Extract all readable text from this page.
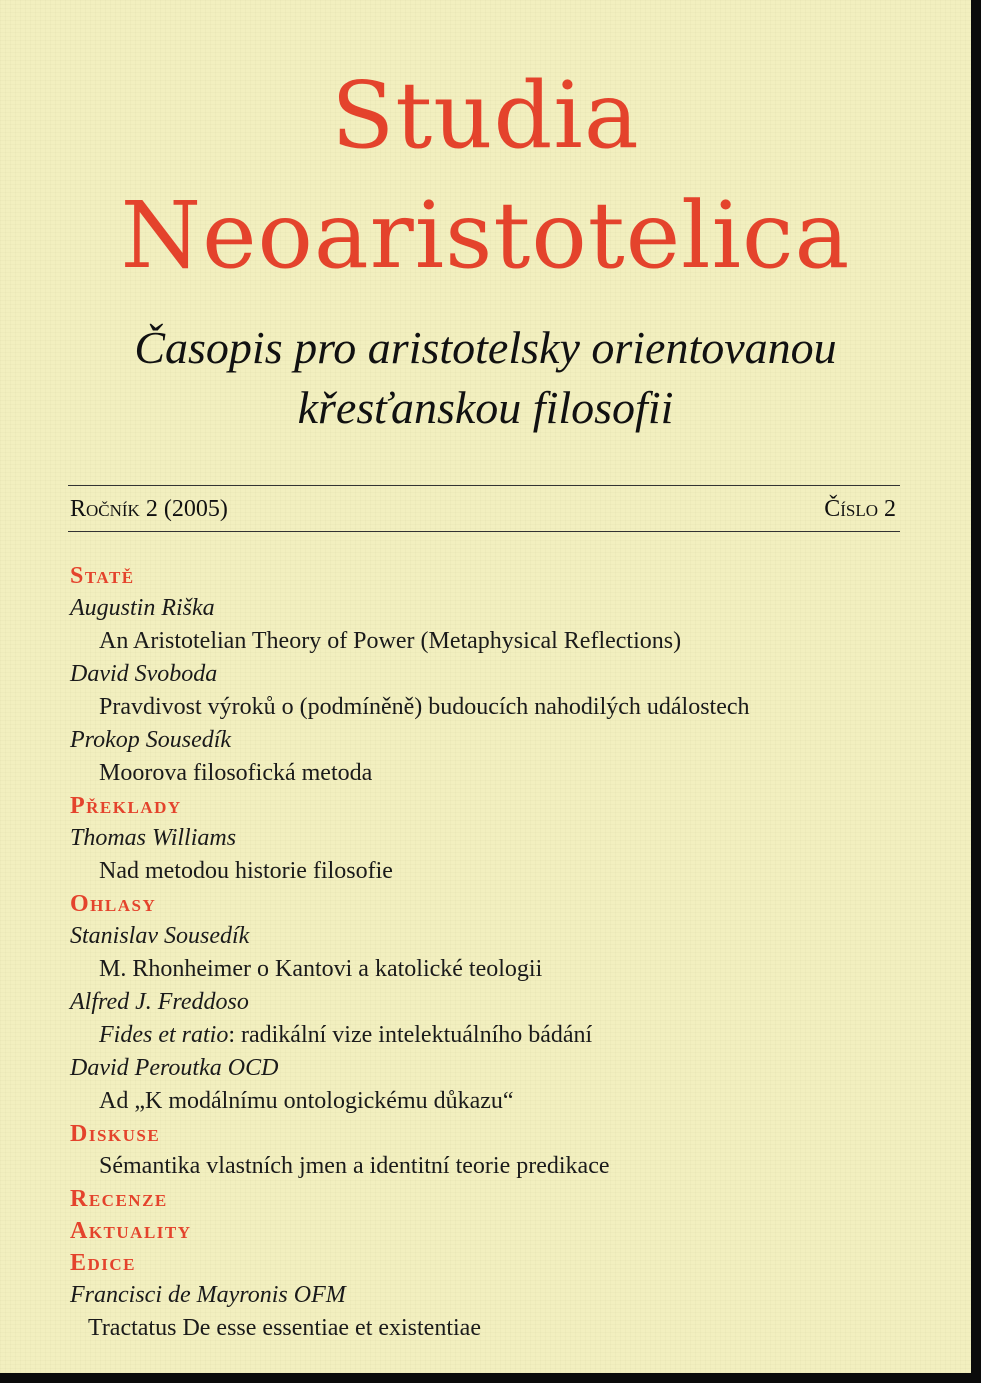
Studia
Neoaristotelica
Časopis pro aristotelsky orientovanou
křesťanskou filosofii
Ročník 2 (2005)	Číslo 2
Statě
Augustin Riška
An Aristotelian Theory of Power (Metaphysical Reflections)
David Svoboda
Pravdivost výroků o (podmíněně) budoucích nahodilých událostech
Prokop Sousedík
Moorova filosofická metoda
Překlady
Thomas Williams
Nad metodou historie filosofie
Ohlasy
Stanislav Sousedík
M. Rhonheimer o Kantovi a katolické teologii
Alfred J. Freddoso
Fides et ratio: radikální vize intelektuálního bádání
David Peroutka OCD
Ad „K modálnímu ontologickému důkazu“
Diskuse
Sémantika vlastních jmen a identitní teorie predikace
Recenze
Aktuality
Edice
Francisci de Mayronis OFM
Tractatus De esse essentiae et existentiae
